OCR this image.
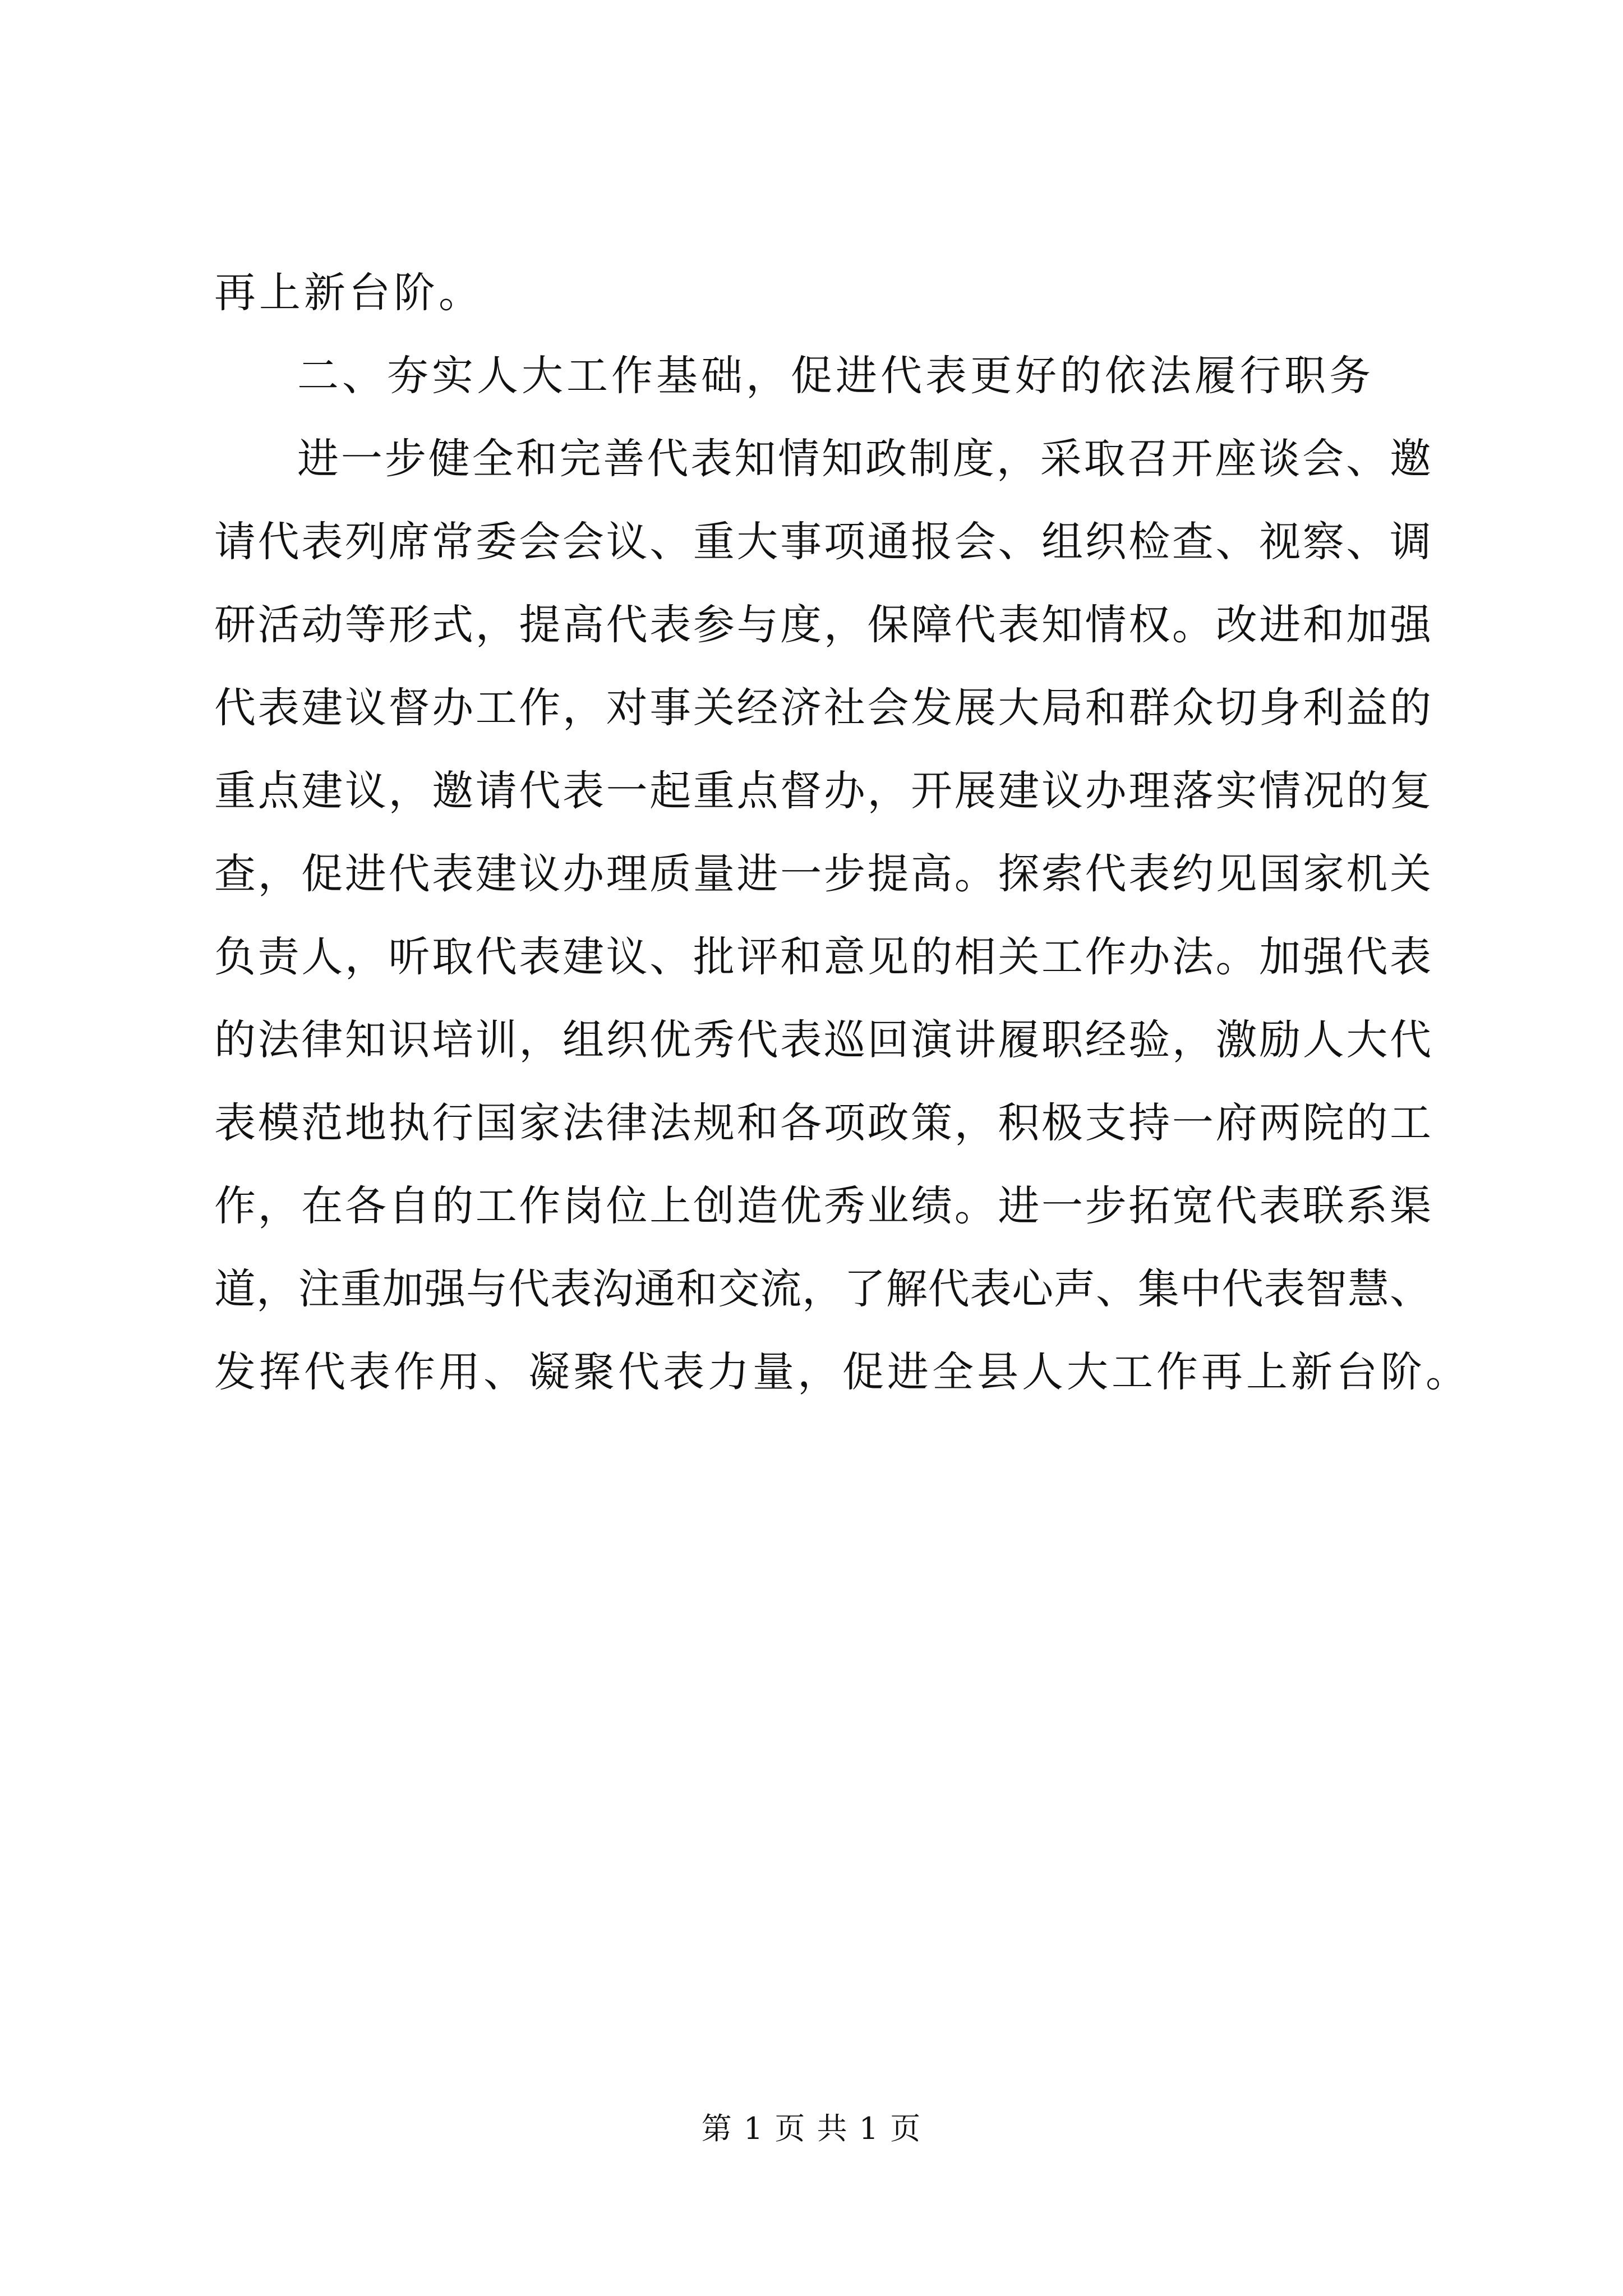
再上新台阶。
二、夯实人大工作基础，促进代表更好的依法履行职务
进一步健全和完善代表知情知政制度，采取召开座谈会、邀
请代表列席常委会会议、重大事项通报会、组织检查、视察、调
研活动等形式，提高代表参与度，保障代表知情权。改进和加强
代表建议督办工作，对事关经济社会发展大局和群众切身利益的
重点建议，邀请代表一起重点督办，开展建议办理落实情况的复
查，促进代表建议办理质量进一步提高。探索代表约见国家机关
负责人，听取代表建议、批评和意见的相关工作办法。加强代表
的法律知识培训，组织优秀代表巡回演讲履职经验，激励人大代
表模范地执行国家法律法规和各项政策，积极支持一府两院的工
作，在各自的工作岗位上创造优秀业绩。进一步拓宽代表联系渠
道，注重加强与代表沟通和交流，了解代表心声、集中代表智慧、
发挥代表作用、凝聚代表力量，促进全县人大工作再上新台阶。
第 1 页 共 1 页
